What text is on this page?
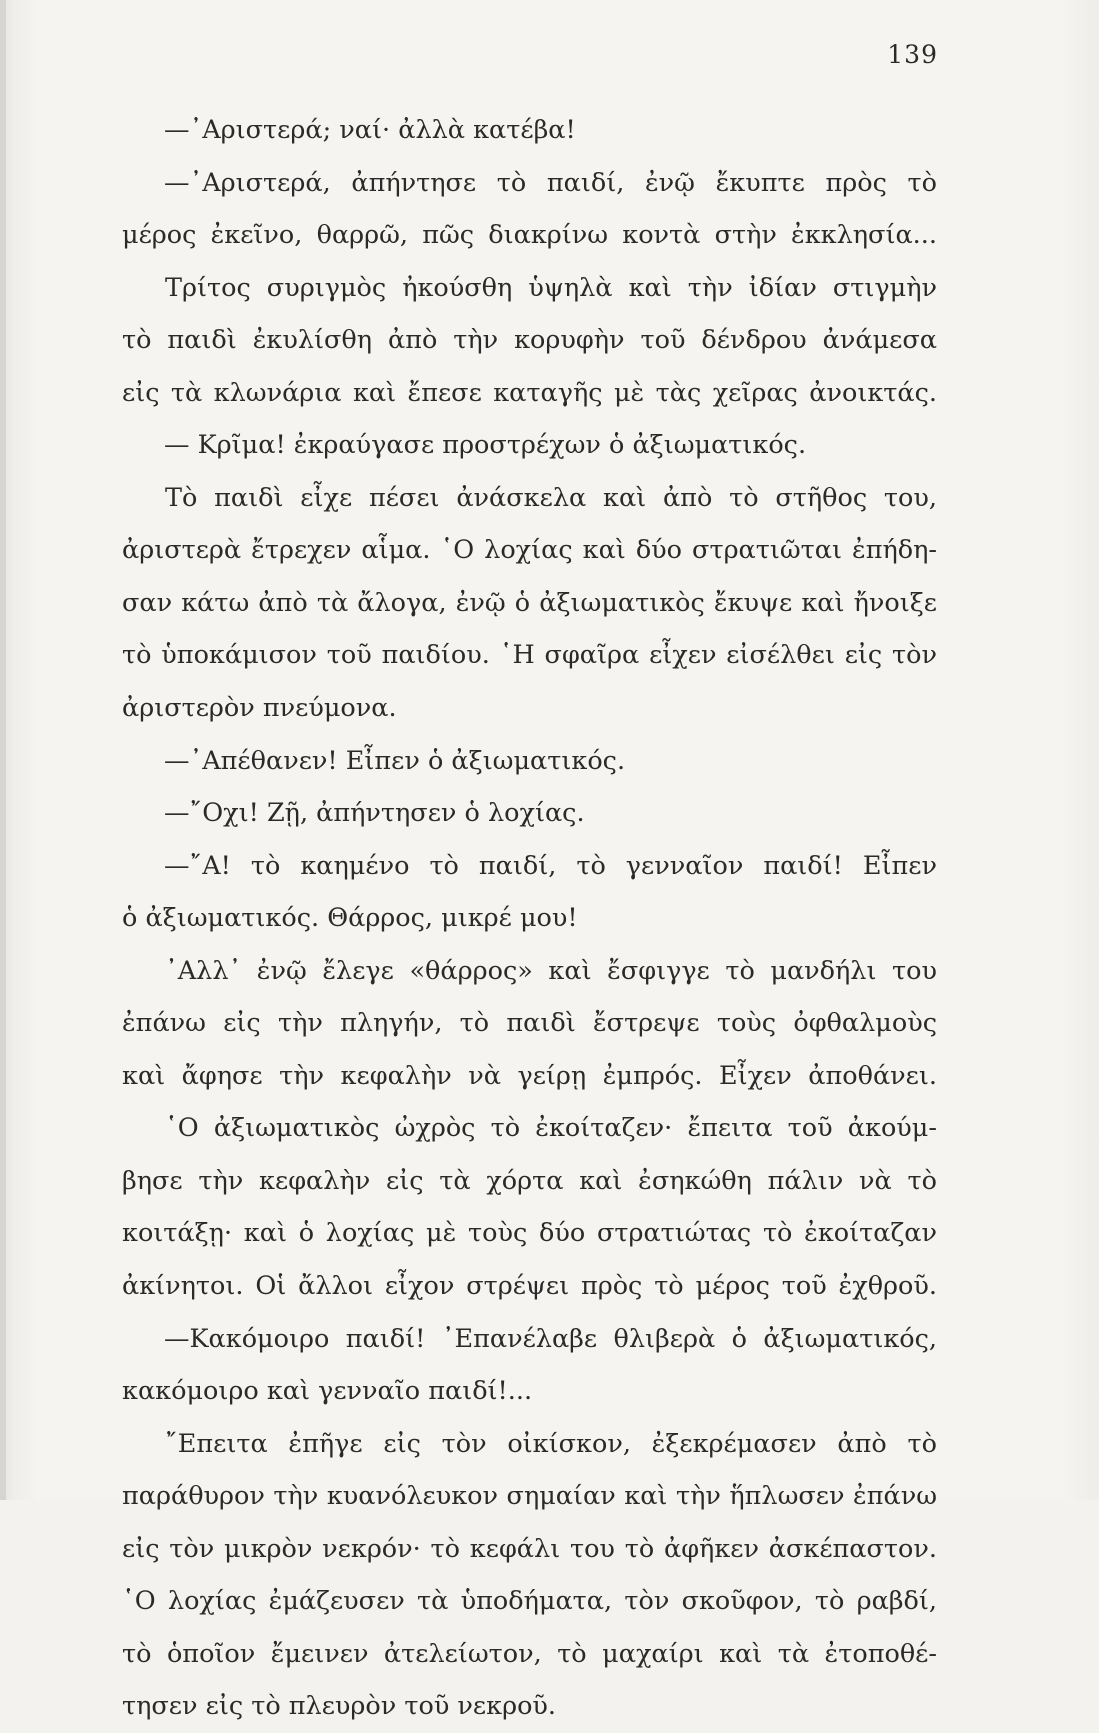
139
—᾿Αριστερά; ναί· ἀλλὰ κατέβα!
—᾿Αριστερά, ἀπήντησε τὸ παιδί, ἐνῷ ἔκυπτε πρὸς τὸ
μέρος ἐκεῖνο, θαρρῶ, πῶς διακρίνω κοντὰ στὴν ἐκκλησία...
Τρίτος συριγμὸς ἠκούσθη ὑψηλὰ καὶ τὴν ἰδίαν στιγμὴν
τὸ παιδὶ ἐκυλίσθη ἀπὸ τὴν κορυφὴν τοῦ δένδρου ἀνάμεσα
εἰς τὰ κλωνάρια καὶ ἔπεσε καταγῆς μὲ τὰς χεῖρας ἀνοικτάς.
— Κρῖμα! ἐκραύγασε προστρέχων ὁ ἀξιωματικός.
Τὸ παιδὶ εἶχε πέσει ἀνάσκελα καὶ ἀπὸ τὸ στῆθος του,
ἀριστερὰ ἔτρεχεν αἷμα. ῾Ο λοχίας καὶ δύο στρατιῶται ἐπήδη-
σαν κάτω ἀπὸ τὰ ἄλογα, ἐνῷ ὁ ἀξιωματικὸς ἔκυψε καὶ ἤνοιξε
τὸ ὑποκάμισον τοῦ παιδίου. ῾Η σφαῖρα εἶχεν εἰσέλθει εἰς τὸν
ἀριστερὸν πνεύμονα.
—᾿Απέθανεν! Εἶπεν ὁ ἀξιωματικός.
—῎Οχι! Ζῇ, ἀπήντησεν ὁ λοχίας.
—῎Α! τὸ καημένο τὸ παιδί, τὸ γενναῖον παιδί! Εἶπεν
ὁ ἀξιωματικός. Θάρρος, μικρέ μου!
᾿Αλλ᾿ ἐνῷ ἔλεγε «θάρρος» καὶ ἔσφιγγε τὸ μανδήλι του
ἐπάνω εἰς τὴν πληγήν, τὸ παιδὶ ἔστρεψε τοὺς ὀφθαλμοὺς
καὶ ἄφησε τὴν κεφαλὴν νὰ γείρῃ ἐμπρός. Εἶχεν ἀποθάνει.
῾Ο ἀξιωματικὸς ὠχρὸς τὸ ἐκοίταζεν· ἔπειτα τοῦ ἀκούμ-
βησε τὴν κεφαλὴν εἰς τὰ χόρτα καὶ ἐσηκώθη πάλιν νὰ τὸ
κοιτάξῃ· καὶ ὁ λοχίας μὲ τοὺς δύο στρατιώτας τὸ ἐκοίταζαν
ἀκίνητοι. Οἱ ἄλλοι εἶχον στρέψει πρὸς τὸ μέρος τοῦ ἐχθροῦ.
—Κακόμοιρο παιδί! ᾿Επανέλαβε θλιβερὰ ὁ ἀξιωματικός,
κακόμοιρο καὶ γενναῖο παιδί!...
῎Επειτα ἐπῆγε εἰς τὸν οἰκίσκον, ἐξεκρέμασεν ἀπὸ τὸ
παράθυρον τὴν κυανόλευκον σημαίαν καὶ τὴν ἥπλωσεν ἐπάνω
εἰς τὸν μικρὸν νεκρόν· τὸ κεφάλι του τὸ ἀφῆκεν ἀσκέπαστον.
῾Ο λοχίας ἐμάζευσεν τὰ ὑποδήματα, τὸν σκοῦφον, τὸ ραβδί,
τὸ ὁποῖον ἔμεινεν ἀτελείωτον, τὸ μαχαίρι καὶ τὰ ἐτοποθέ-
τησεν εἰς τὸ πλευρὸν τοῦ νεκροῦ.
